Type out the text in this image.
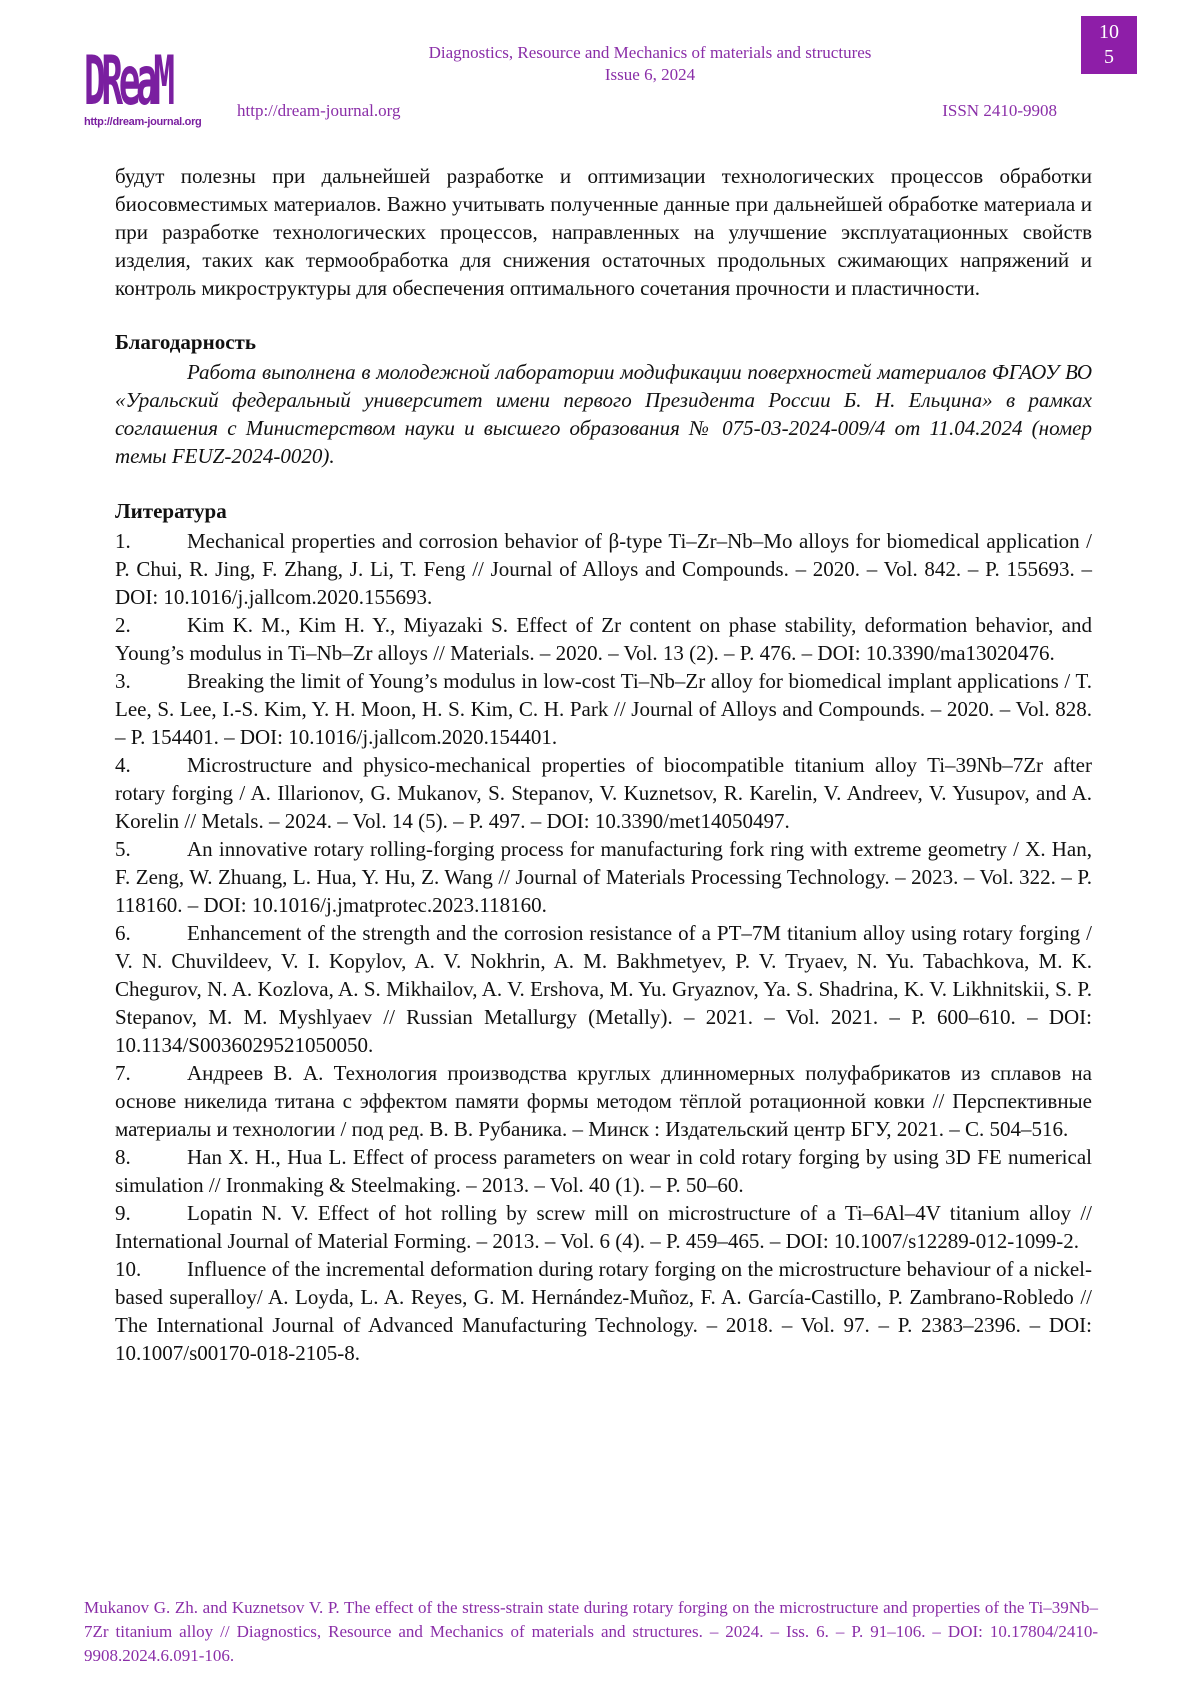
DReaM
http://dream-journal.org
Diagnostics, Resource and Mechanics of materials and structures
Issue 6, 2024
http://dream-journal.org	ISSN 2410-9908
10
5

будут полезны при дальнейшей разработке и оптимизации технологических процессов обработки биосовместимых материалов. Важно учитывать полученные данные при дальнейшей обработке материала и при разработке технологических процессов, направленных на улучшение эксплуатационных свойств изделия, таких как термообработка для снижения остаточных продольных сжимающих напряжений и контроль микроструктуры для обеспечения оптимального сочетания прочности и пластичности.

Благодарность

Работа выполнена в молодежной лаборатории модификации поверхностей материалов ФГАОУ ВО «Уральский федеральный университет имени первого Президента России Б. Н. Ельцина» в рамках соглашения с Министерством науки и высшего образования № 075-03-2024-009/4 от 11.04.2024 (номер темы FEUZ-2024-0020).

Литература

1.	Mechanical properties and corrosion behavior of β-type Ti–Zr–Nb–Mo alloys for biomedical application / P. Chui, R. Jing, F. Zhang, J. Li, T. Feng // Journal of Alloys and Compounds. – 2020. – Vol. 842. – P. 155693. – DOI: 10.1016/j.jallcom.2020.155693.
2.	Kim K. M., Kim H. Y., Miyazaki S. Effect of Zr content on phase stability, deformation behavior, and Young’s modulus in Ti–Nb–Zr alloys // Materials. – 2020. – Vol. 13 (2). – P. 476. – DOI: 10.3390/ma13020476.
3.	Breaking the limit of Young’s modulus in low-cost Ti–Nb–Zr alloy for biomedical implant applications / T. Lee, S. Lee, I.-S. Kim, Y. H. Moon, H. S. Kim, C. H. Park // Journal of Alloys and Compounds. – 2020. – Vol. 828. – P. 154401. – DOI: 10.1016/j.jallcom.2020.154401.
4.	Microstructure and physico-mechanical properties of biocompatible titanium alloy Ti–39Nb–7Zr after rotary forging / A. Illarionov, G. Mukanov, S. Stepanov, V. Kuznetsov, R. Karelin, V. Andreev, V. Yusupov, and A. Korelin // Metals. – 2024. – Vol. 14 (5). – P. 497. – DOI: 10.3390/met14050497.
5.	An innovative rotary rolling-forging process for manufacturing fork ring with extreme geometry / X. Han, F. Zeng, W. Zhuang, L. Hua, Y. Hu, Z. Wang // Journal of Materials Processing Technology. – 2023. – Vol. 322. – P. 118160. – DOI: 10.1016/j.jmatprotec.2023.118160.
6.	Enhancement of the strength and the corrosion resistance of a PT–7M titanium alloy using rotary forging / V. N. Chuvildeev, V. I. Kopylov, A. V. Nokhrin, A. M. Bakhmetyev, P. V. Tryaev, N. Yu. Tabachkova, M. K. Chegurov, N. A. Kozlova, A. S. Mikhailov, A. V. Ershova, M. Yu. Gryaznov, Ya. S. Shadrina, K. V. Likhnitskii, S. P. Stepanov, M. M. Myshlyaev // Russian Metallurgy (Metally). – 2021. – Vol. 2021. – P. 600–610. – DOI: 10.1134/S0036029521050050.
7.	Андреев В. А. Технология производства круглых длинномерных полуфабрикатов из сплавов на основе никелида титана с эффектом памяти формы методом тёплой ротационной ковки // Перспективные материалы и технологии / под ред. В. В. Рубаника. – Минск : Издательский центр БГУ, 2021. – С. 504–516.
8.	Han X. H., Hua L. Effect of process parameters on wear in cold rotary forging by using 3D FE numerical simulation // Ironmaking & Steelmaking. – 2013. – Vol. 40 (1). – P. 50–60.
9.	Lopatin N. V. Effect of hot rolling by screw mill on microstructure of a Ti–6Al–4V titanium alloy // International Journal of Material Forming. – 2013. – Vol. 6 (4). – P. 459–465. – DOI: 10.1007/s12289-012-1099-2.
10. Influence of the incremental deformation during rotary forging on the microstructure behaviour of a nickel-based superalloy/ A. Loyda, L. A. Reyes, G. M. Hernández-Muñoz, F. A. García-Castillo, P. Zambrano-Robledo // The International Journal of Advanced Manufacturing Technology. – 2018. – Vol. 97. – P. 2383–2396. – DOI: 10.1007/s00170-018-2105-8.
Mukanov G. Zh. and Kuznetsov V. P. The effect of the stress-strain state during rotary forging on the microstructure and properties of the Ti–39Nb–7Zr titanium alloy // Diagnostics, Resource and Mechanics of materials and structures. – 2024. – Iss. 6. – P. 91–106. – DOI: 10.17804/2410-9908.2024.6.091-106.
